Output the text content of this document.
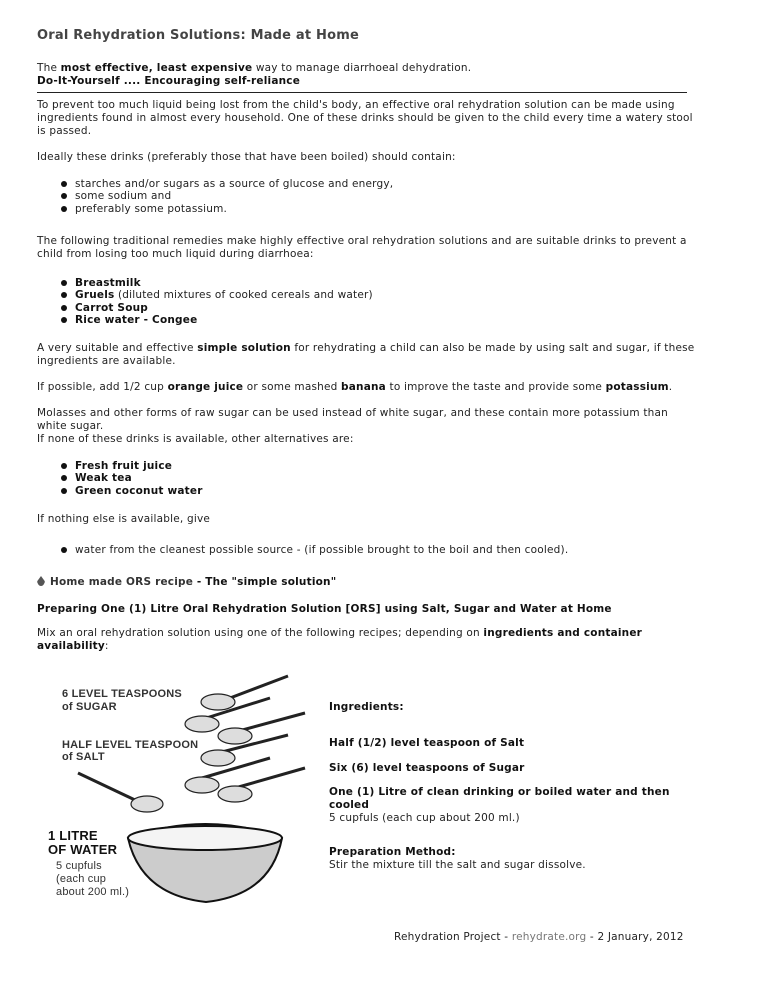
Oral Rehydration Solutions: Made at Home
The most effective, least expensive way to manage diarrhoeal dehydration.
Do-It-Yourself .... Encouraging self-reliance
To prevent too much liquid being lost from the child's body, an effective oral rehydration solution can be made using ingredients found in almost every household. One of these drinks should be given to the child every time a watery stool is passed.
Ideally these drinks (preferably those that have been boiled) should contain:
starches and/or sugars as a source of glucose and energy,
some sodium and
preferably some potassium.
The following traditional remedies make highly effective oral rehydration solutions and are suitable drinks to prevent a child from losing too much liquid during diarrhoea:
Breastmilk
Gruels (diluted mixtures of cooked cereals and water)
Carrot Soup
Rice water - Congee
A very suitable and effective simple solution for rehydrating a child can also be made by using salt and sugar, if these ingredients are available.
If possible, add 1/2 cup orange juice or some mashed banana to improve the taste and provide some potassium.
Molasses and other forms of raw sugar can be used instead of white sugar, and these contain more potassium than white sugar.
If none of these drinks is available, other alternatives are:
Fresh fruit juice
Weak tea
Green coconut water
If nothing else is available, give
water from the cleanest possible source - (if possible brought to the boil and then cooled).
Home made ORS recipe - The "simple solution"
Preparing One (1) Litre Oral Rehydration Solution [ORS] using Salt, Sugar and Water at Home
Mix an oral rehydration solution using one of the following recipes; depending on ingredients and container availability:
6 LEVEL TEASPOONS
of SUGAR
HALF LEVEL TEASPOON
of SALT
1 LITRE
OF WATER
5 cupfuls
(each cup
about 200 ml.)
Ingredients:
Half (1/2) level teaspoon of Salt
Six (6) level teaspoons of Sugar
One (1) Litre of clean drinking or boiled water and then cooled
5 cupfuls (each cup about 200 ml.)
Preparation Method:
Stir the mixture till the salt and sugar dissolve.
Rehydration Project - rehydrate.org - 2 January, 2012
